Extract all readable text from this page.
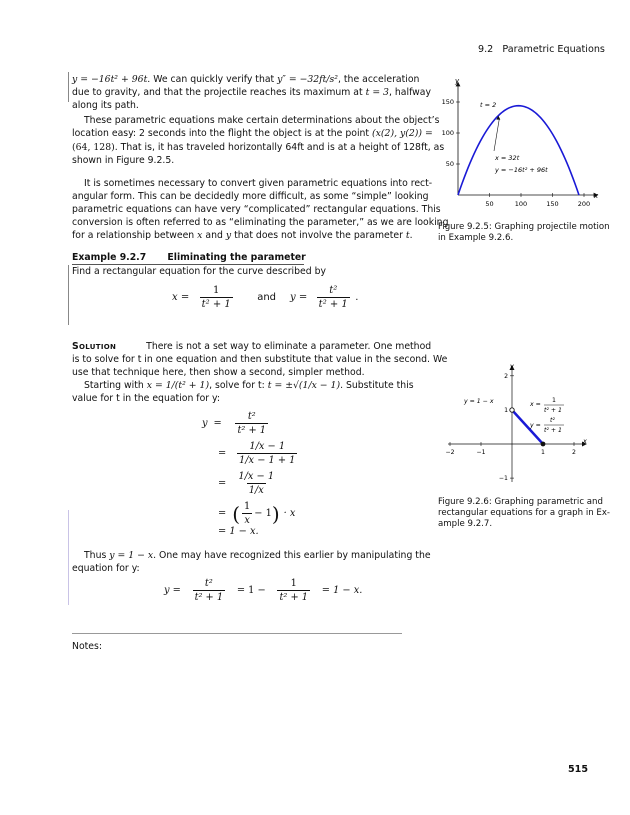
9.2 Parametric Equations

y = −16t² + 96t. We can quickly verify that y″ = −32ft/s², the acceleration

due to gravity, and that the projectile reaches its maximum at t = 3, halfway

along its path.

These parametric equations make certain determinations about the object’s

location easy: 2 seconds into the flight the object is at the point (x(2), y(2)) =

(64, 128). That is, it has traveled horizontally 64ft and is at a height of 128ft, as

shown in Figure 9.2.5.

It is sometimes necessary to convert given parametric equations into rect-

angular form. This can be decidedly more difficult, as some “simple” looking

parametric equations can have very “complicated” rectangular equations. This

conversion is often referred to as “eliminating the parameter,” as we are looking

for a relationship between x and y that does not involve the parameter t.

Example 9.2.7 Eliminating the parameter

Find a rectangular equation for the curve described by

$x = \frac{1}{\text{t² + 1}}$ and $y = \frac{\text{t²}}{\text{t² + 1}}$ .

Solution	There is not a set way to eliminate a parameter. One method

is to solve for t in one equation and then substitute that value in the second. We

use that technique here, then show a second, simpler method.

Starting with x = 1/(t² + 1), solve for t: t = ±√(1/x − 1). Substitute this

value for t in the equation for y:

$y = \frac{\text{t²}}{\text{t² + 1}}$
= $\frac{1/x - 1}{1/x - 1 + 1}$
= $\frac{1/x - 1}{1/x}$
= ( $\frac{1}{x} - 1$ ) · x
= 1 − x.

Thus y = 1 − x. One may have recognized this earlier by manipulating the

equation for y:

$y = \frac{\text{t²}}{\text{t² + 1}} = 1 - \frac{1}{\text{t² + 1}} = 1 - x$.
Notes:
515
50	100	150	200
50
100
150
y
x
t = 2
x = 32t
y = −16t² + 96t
Figure 9.2.5: Graphing projectile motion
in Example 9.2.6.
−2	−1	1	2
2
1
−1
y
x
y = 1 − x	x =
1
t² + 1
y =
t²
t² + 1
Figure 9.2.6: Graphing parametric and
rectangular equations for a graph in Ex-
ample 9.2.7.
